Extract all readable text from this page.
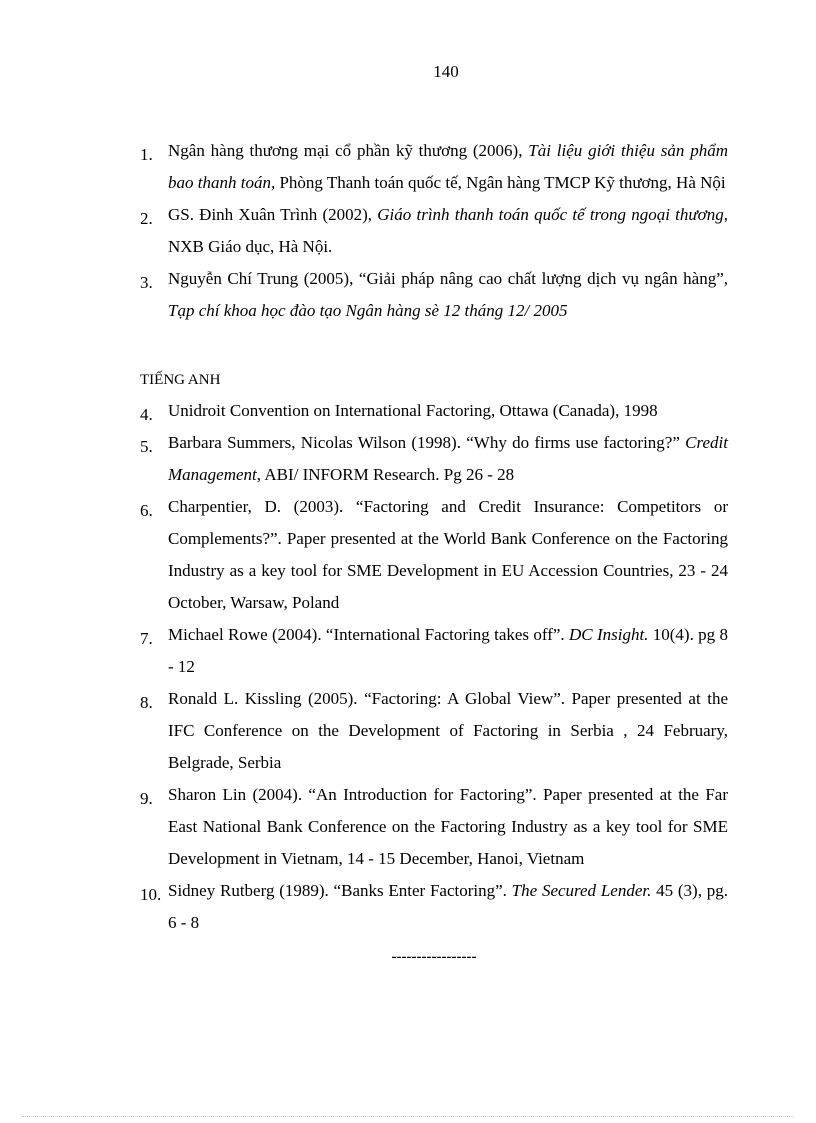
140
1. Ngân hàng thương mại cổ phần kỹ thương (2006), Tài liệu giới thiệu sản phẩm bao thanh toán, Phòng Thanh toán quốc tế, Ngân hàng TMCP Kỹ thương, Hà Nội
2. GS. Đinh Xuân Trình (2002), Giáo trình thanh toán quốc tế trong ngoại thương, NXB Giáo dục, Hà Nội.
3. Nguyễn Chí Trung (2005), “Giải pháp nâng cao chất lượng dịch vụ ngân hàng”, Tạp chí khoa học đào tạo Ngân hàng sè 12 tháng 12/ 2005
TIẾNG ANH
4. Unidroit Convention on International Factoring, Ottawa (Canada), 1998
5. Barbara Summers, Nicolas Wilson (1998). “Why do firms use factoring?” Credit Management, ABI/ INFORM Research. Pg 26 - 28
6. Charpentier, D. (2003). “Factoring and Credit Insurance: Competitors or Complements?”. Paper presented at the World Bank Conference on the Factoring Industry as a key tool for SME Development in EU Accession Countries, 23 - 24 October, Warsaw, Poland
7. Michael Rowe (2004). “International Factoring takes off”. DC Insight. 10(4). pg 8 - 12
8. Ronald L. Kissling (2005). “Factoring: A Global View”. Paper presented at the IFC Conference on the Development of Factoring in Serbia , 24 February, Belgrade, Serbia
9. Sharon Lin (2004). “An Introduction for Factoring”. Paper presented at the Far East National Bank Conference on the Factoring Industry as a key tool for SME Development in Vietnam, 14 - 15 December, Hanoi, Vietnam
10. Sidney Rutberg (1989). “Banks Enter Factoring”. The Secured Lender. 45 (3), pg. 6 - 8
-----------------
